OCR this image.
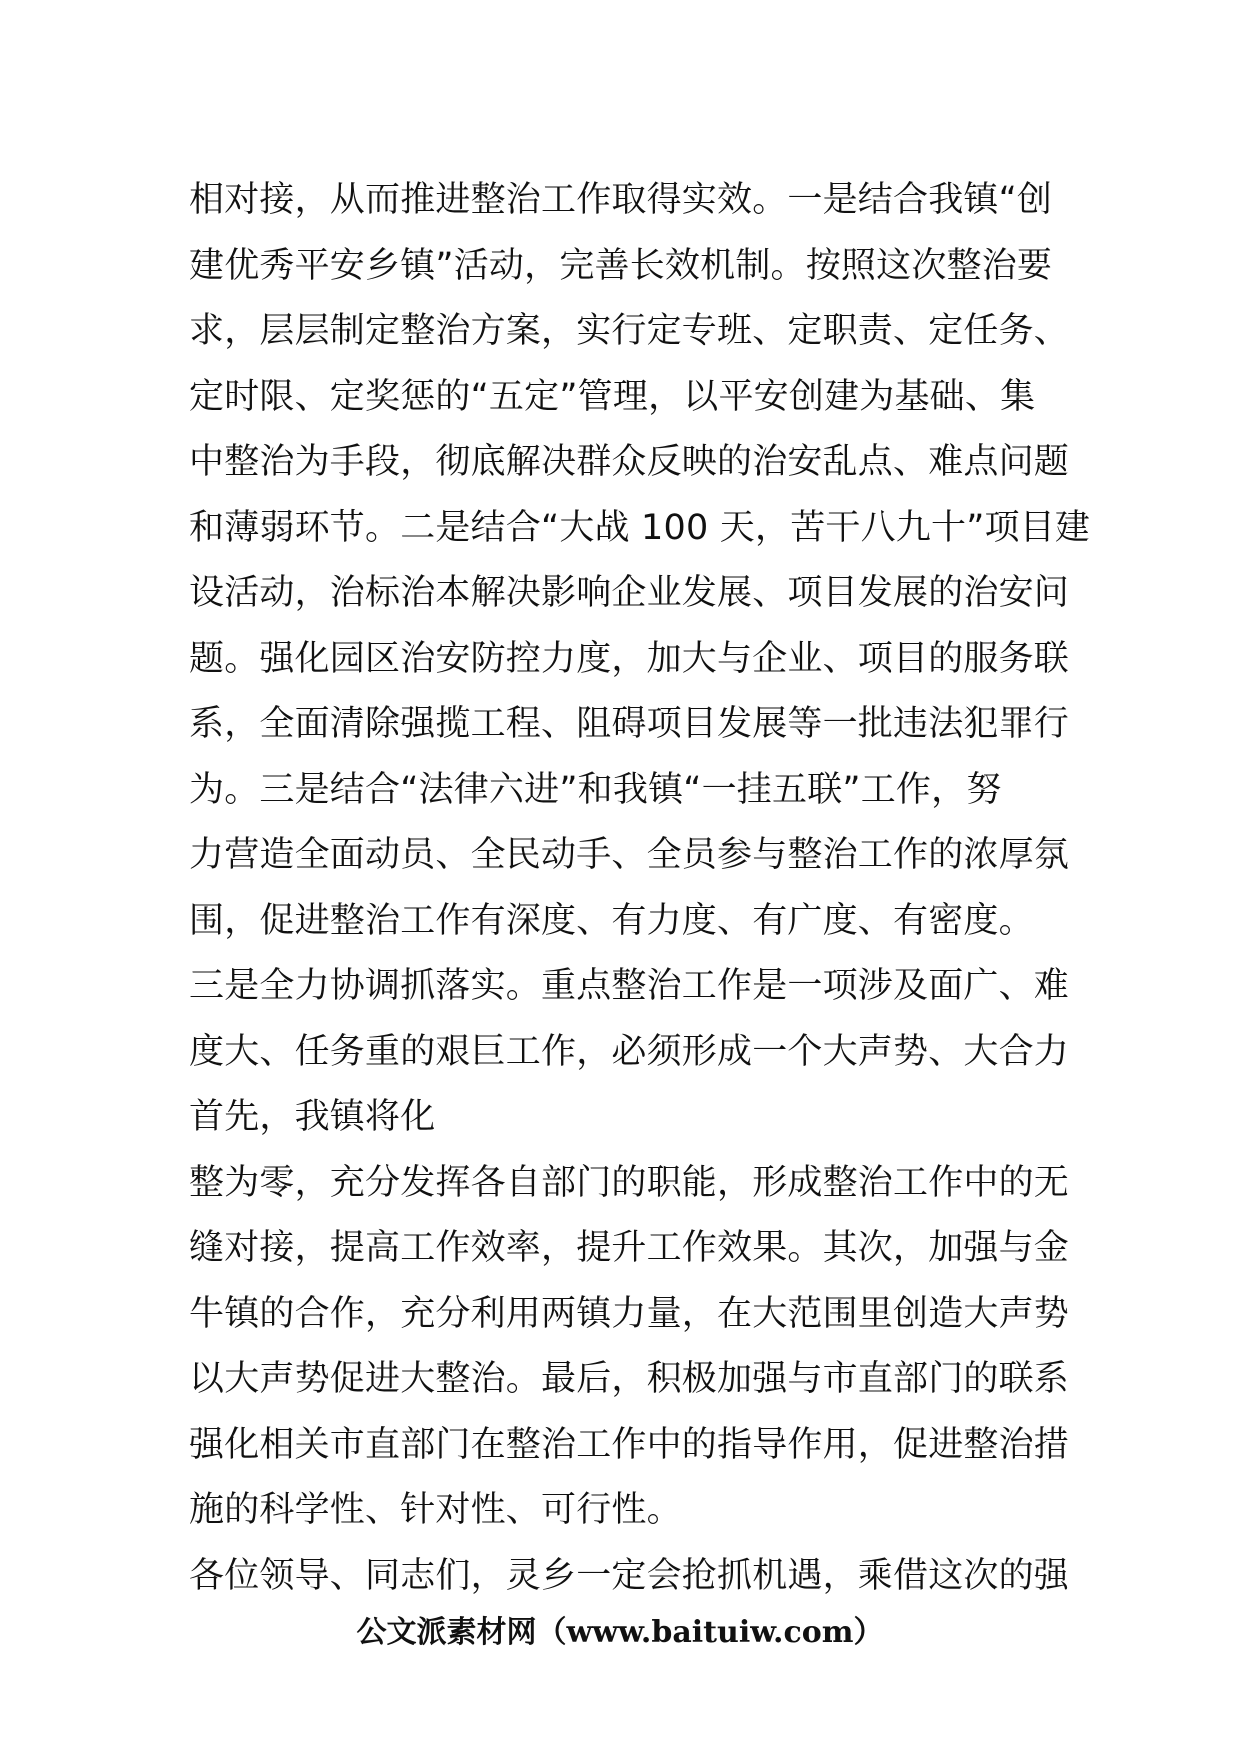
相对接，从而推进整治工作取得实效。一是结合我镇“创
建优秀平安乡镇”活动，完善长效机制。按照这次整治要
求，层层制定整治方案，实行定专班、定职责、定任务、
定时限、定奖惩的“五定”管理，以平安创建为基础、集
中整治为手段，彻底解决群众反映的治安乱点、难点问题
和薄弱环节。二是结合“大战 100 天，苦干八九十”项目建
设活动，治标治本解决影响企业发展、项目发展的治安问
题。强化园区治安防控力度，加大与企业、项目的服务联
系，全面清除强揽工程、阻碍项目发展等一批违法犯罪行
为。三是结合“法律六进”和我镇“一挂五联”工作，努
力营造全面动员、全民动手、全员参与整治工作的浓厚氛
围，促进整治工作有深度、有力度、有广度、有密度。
三是全力协调抓落实。重点整治工作是一项涉及面广、难
度大、任务重的艰巨工作，必须形成一个大声势、大合力
首先，我镇将化
整为零，充分发挥各自部门的职能，形成整治工作中的无
缝对接，提高工作效率，提升工作效果。其次，加强与金
牛镇的合作，充分利用两镇力量，在大范围里创造大声势
以大声势促进大整治。最后，积极加强与市直部门的联系
强化相关市直部门在整治工作中的指导作用，促进整治措
施的科学性、针对性、可行性。
各位领导、同志们，灵乡一定会抢抓机遇，乘借这次的强
公文派素材网（www.baituiw.com）
